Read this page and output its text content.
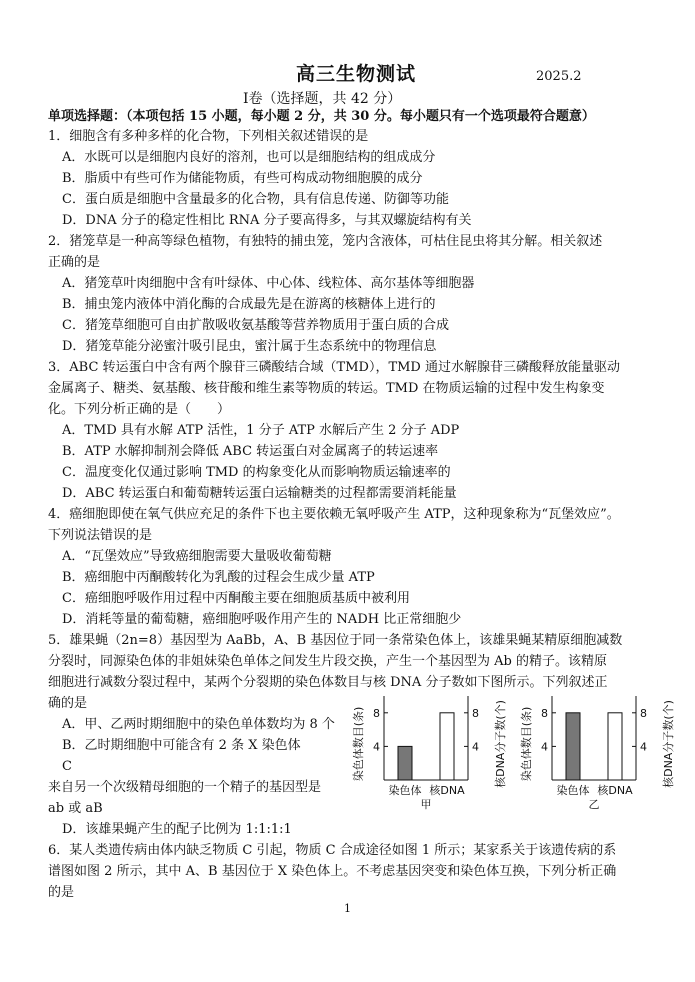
高三生物测试	2025.2
Ⅰ卷（选择题，共 42 分）
单项选择题：（本项包括 15 小题，每小题 2 分，共 30 分。每小题只有一个选项最符合题意）
1．细胞含有多种多样的化合物，下列相关叙述错误的是
A．水既可以是细胞内良好的溶剂，也可以是细胞结构的组成成分
B．脂质中有些可作为储能物质，有些可构成动物细胞膜的成分
C．蛋白质是细胞中含量最多的化合物，具有信息传递、防御等功能
D．DNA 分子的稳定性相比 RNA 分子要高得多，与其双螺旋结构有关
2．猪笼草是一种高等绿色植物，有独特的捕虫笼，笼内含液体，可枯住昆虫将其分解。相关叙述
正确的是
A．猪笼草叶肉细胞中含有叶绿体、中心体、线粒体、高尔基体等细胞器
B．捕虫笼内液体中消化酶的合成最先是在游离的核糖体上进行的
C．猪笼草细胞可自由扩散吸收氨基酸等营养物质用于蛋白质的合成
D．猪笼草能分泌蜜汁吸引昆虫，蜜汁属于生态系统中的物理信息
3．ABC 转运蛋白中含有两个腺苷三磷酸结合域（TMD），TMD 通过水解腺苷三磷酸释放能量驱动
金属离子、糖类、氨基酸、核苷酸和维生素等物质的转运。TMD 在物质运输的过程中发生构象变
化。下列分析正确的是（　　）
A．TMD 具有水解 ATP 活性，1 分子 ATP 水解后产生 2 分子 ADP
B．ATP 水解抑制剂会降低 ABC 转运蛋白对金属离子的转运速率
C．温度变化仅通过影响 TMD 的构象变化从而影响物质运输速率的
D．ABC 转运蛋白和葡萄糖转运蛋白运输糖类的过程都需要消耗能量
4．癌细胞即使在氧气供应充足的条件下也主要依赖无氧呼吸产生 ATP，这种现象称为“瓦堡效应”。
下列说法错误的是
A．“瓦堡效应”导致癌细胞需要大量吸收葡萄糖
B．癌细胞中丙酮酸转化为乳酸的过程会生成少量 ATP
C．癌细胞呼吸作用过程中丙酮酸主要在细胞质基质中被利用
D．消耗等量的葡萄糖，癌细胞呼吸作用产生的 NADH 比正常细胞少
5．雄果蝇（2n=8）基因型为 AaBb，A、B 基因位于同一条常染色体上，该雄果蝇某精原细胞减数
分裂时，同源染色体的非姐妹染色单体之间发生片段交换，产生一个基因型为 Ab 的精子。该精原
细胞进行减数分裂过程中，某两个分裂期的染色体数目与核 DNA 分子数如下图所示。下列叙述正
确的是
A．甲、乙两时期细胞中的染色单体数均为 8 个
B．乙时期细胞中可能含有 2 条 X 染色体
C
来自另一个次级精母细胞的一个精子的基因型是
ab 或 aB
D．该雄果蝇产生的配子比例为 1:1:1:1
6．某人类遗传病由体内缺乏物质 C 引起，物质 C 合成途径如图 1 所示；某家系关于该遗传病的系
谱图如图 2 所示，其中 A、B 基因位于 X 染色体上。不考虑基因突变和染色体互换，下列分析正确
的是
染色体数目(条)	核DNA分子数(个)
4
8
4
8
染色体 核DNA
甲
染色体数目(条)	核DNA分子数(个)
4
8
4
8
染色体 核DNA
乙
1
